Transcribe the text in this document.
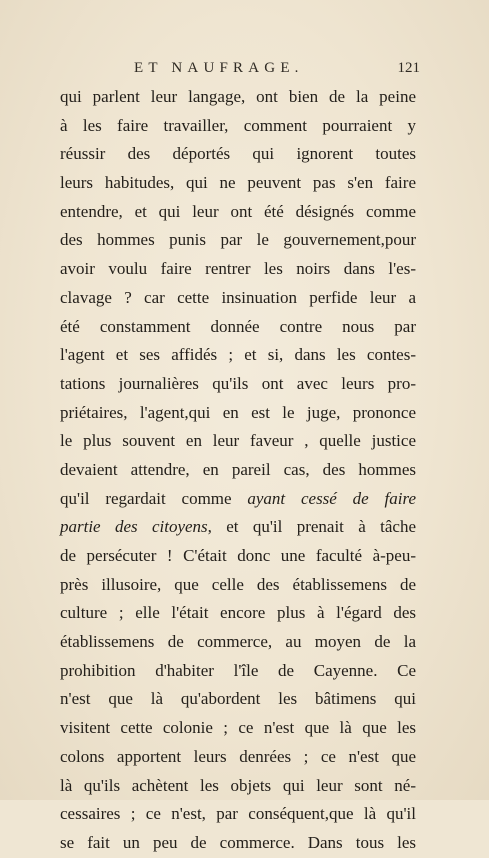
ET NAUFRAGE.	121
qui parlent leur langage, ont bien de la peine
à les faire travailler, comment pourraient y
réussir des déportés qui ignorent toutes
leurs habitudes, qui ne peuvent pas s'en faire
entendre, et qui leur ont été désignés comme
des hommes punis par le gouvernement,pour
avoir voulu faire rentrer les noirs dans l'es-
clavage ? car cette insinuation perfide leur a
été constamment donnée contre nous par
l'agent et ses affidés ; et si, dans les contes-
tations journalières qu'ils ont avec leurs pro-
priétaires, l'agent,qui en est le juge, prononce
le plus souvent en leur faveur , quelle justice
devaient attendre, en pareil cas, des hommes
qu'il regardait comme ayant cessé de faire
partie des citoyens, et qu'il prenait à tâche
de persécuter ! C'était donc une faculté à-peu-
près illusoire, que celle des établissemens de
culture ; elle l'était encore plus à l'égard des
établissemens de commerce, au moyen de la
prohibition d'habiter l'île de Cayenne. Ce
n'est que là qu'abordent les bâtimens qui
visitent cette colonie ; ce n'est que là que les
colons apportent leurs denrées ; ce n'est que
là qu'ils achètent les objets qui leur sont né-
cessaires ; ce n'est, par conséquent,que là qu'il
se fait un peu de commerce. Dans tous les
